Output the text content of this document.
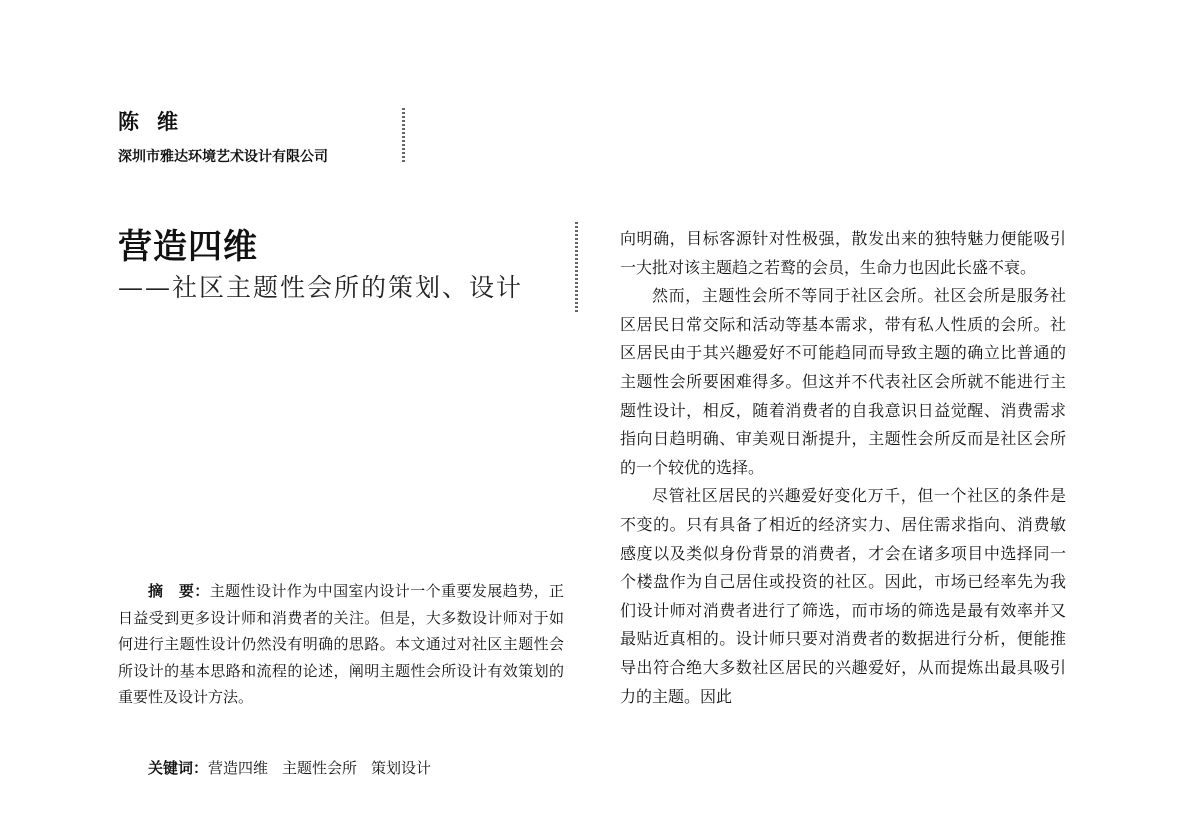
陈维
深圳市雅达环境艺术设计有限公司
营造四维
——社区主题性会所的策划、设计

摘　要：主题性设计作为中国室内设计一个重要发展趋势，正日益受到更多设计师和消费者的关注。但是，大多数设计师对于如何进行主题性设计仍然没有明确的思路。本文通过对社区主题性会所设计的基本思路和流程的论述，阐明主题性会所设计有效策划的重要性及设计方法。

关键词：营造四维 主题性会所 策划设计

向明确，目标客源针对性极强，散发出来的独特魅力便能吸引一大批对该主题趋之若鹜的会员，生命力也因此长盛不衰。

然而，主题性会所不等同于社区会所。社区会所是服务社区居民日常交际和活动等基本需求，带有私人性质的会所。社区居民由于其兴趣爱好不可能趋同而导致主题的确立比普通的主题性会所要困难得多。但这并不代表社区会所就不能进行主题性设计，相反，随着消费者的自我意识日益觉醒、消费需求指向日趋明确、审美观日渐提升，主题性会所反而是社区会所的一个较优的选择。

尽管社区居民的兴趣爱好变化万千，但一个社区的条件是不变的。只有具备了相近的经济实力、居住需求指向、消费敏感度以及类似身份背景的消费者，才会在诸多项目中选择同一个楼盘作为自己居住或投资的社区。因此，市场已经率先为我们设计师对消费者进行了筛选，而市场的筛选是最有效率并又最贴近真相的。设计师只要对消费者的数据进行分析，便能推导出符合绝大多数社区居民的兴趣爱好，从而提炼出最具吸引力的主题。因此
